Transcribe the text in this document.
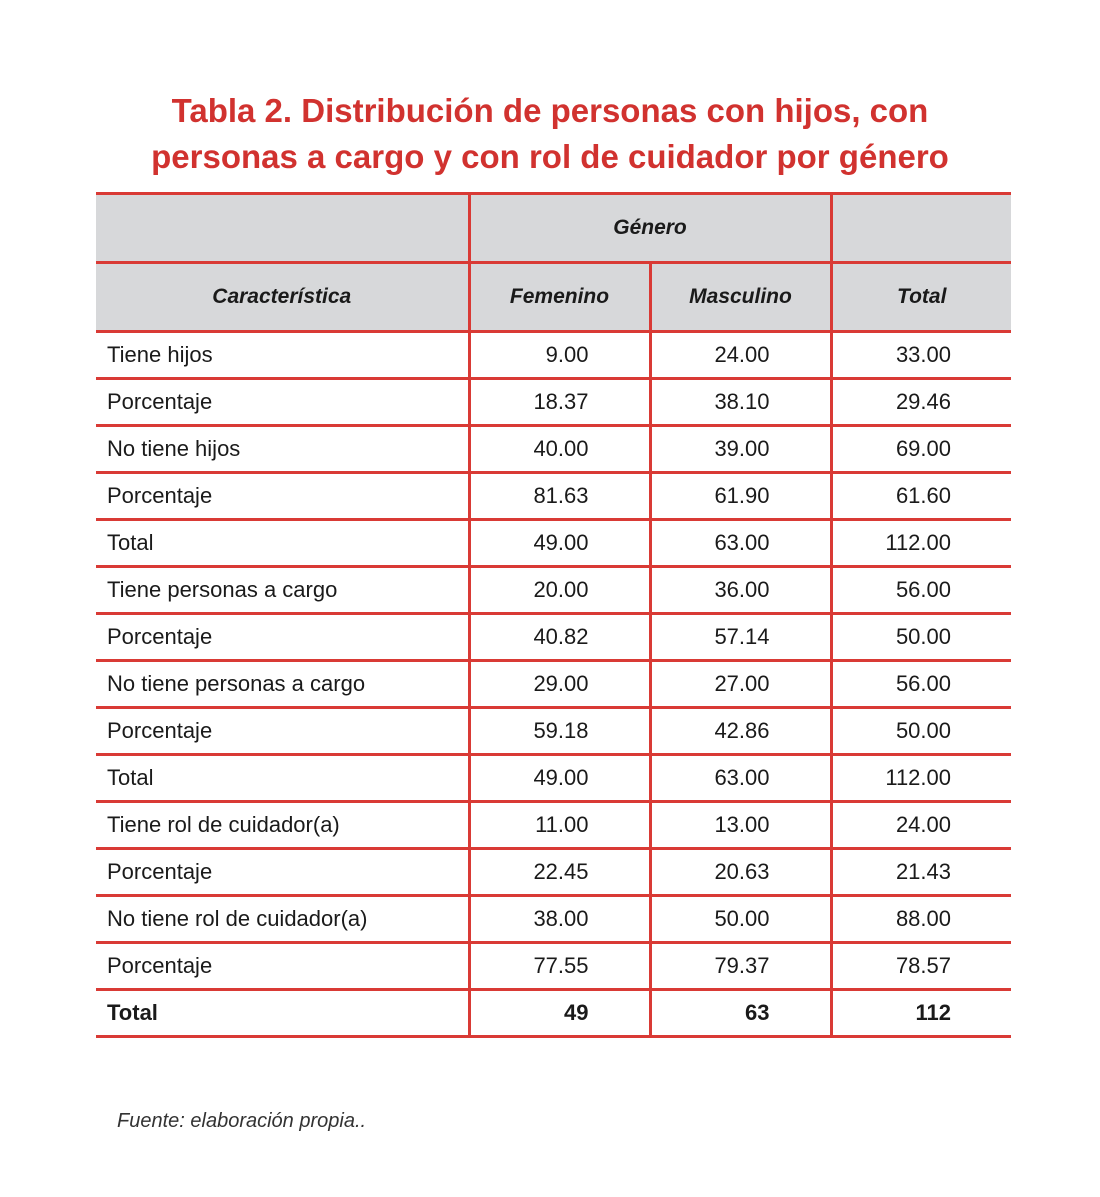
Tabla 2. Distribución de personas con hijos, con
personas a cargo y con rol de cuidador por género
	Género		
Característica	Femenino	Masculino	Total
Tiene hijos	9.00	24.00	33.00
Porcentaje	18.37	38.10	29.46
No tiene hijos	40.00	39.00	69.00
Porcentaje	81.63	61.90	61.60
Total	49.00	63.00	112.00
Tiene personas a cargo	20.00	36.00	56.00
Porcentaje	40.82	57.14	50.00
No tiene personas a cargo	29.00	27.00	56.00
Porcentaje	59.18	42.86	50.00
Total	49.00	63.00	112.00
Tiene rol de cuidador(a)	11.00	13.00	24.00
Porcentaje	22.45	20.63	21.43
No tiene rol de cuidador(a)	38.00	50.00	88.00
Porcentaje	77.55	79.37	78.57
Total	49	63	112
Fuente: elaboración propia..
